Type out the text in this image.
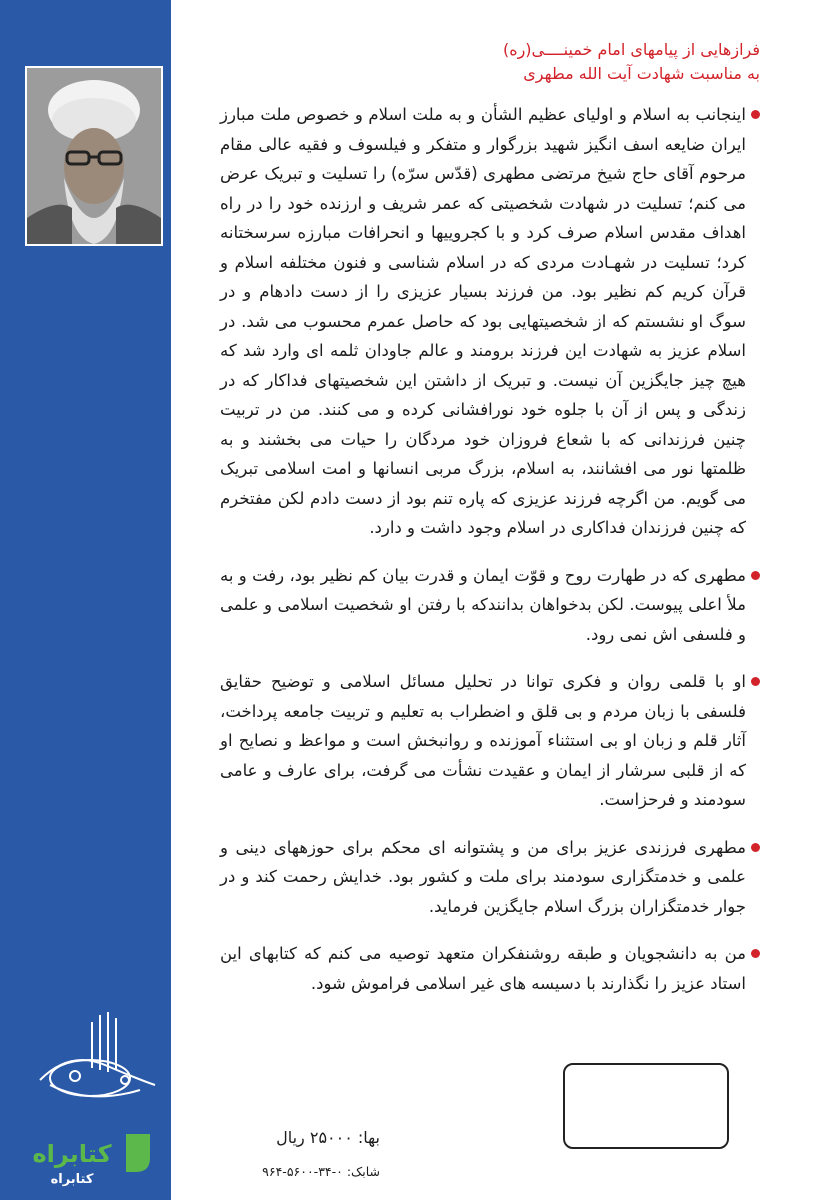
کتابراه
کتابراه
فرازهایی از پیامهای امام خمینــــی(ره)
به مناسبت شهادت آیت الله مطهری

اینجانب به اسلام و اولیای عظیم الشأن و به ملت اسلام و خصوص ملت مبارز ایران ضایعه اسف انگیز شهید بزرگوار و متفکر و فیلسوف و فقیه عالی مقام مرحوم آقای حاج شیخ مرتضی مطهری (قدّس سرّه) را تسلیت و تبریک عرض می کنم؛ تسلیت در شهادت شخصیتی که عمر شریف و ارزنده خود را در راه اهداف مقدس اسلام صرف کرد و با کجروییها و انحرافات مبارزه سرسختانه کرد؛ تسلیت در شهـادت مردی که در اسلام شناسی و فنون مختلفه اسلام و قرآن کریم کم نظیر بود. من فرزند بسیار عزیزی را از دست دادهام و در سوگ او نشستم که از شخصیتهایی بود که حاصل عمرم محسوب می شد. در اسلام عزیز به شهادت این فرزند برومند و عالم جاودان ثلمه ای وارد شد که هیچ چیز جایگزین آن نیست. و تبریک از داشتن این شخصیتهای فداکار که در زندگی و پس از آن با جلوه خود نورافشانی کرده و می کنند. من در تربیت چنین فرزندانی که با شعاع فروزان خود مردگان را حیات می بخشند و به ظلمتها نور می افشانند، به اسلام، بزرگ مربی انسانها و امت اسلامی تبریک می گویم. من اگرچه فرزند عزیزی که پاره تنم بود از دست دادم لکن مفتخرم که چنین فرزندان فداکاری در اسلام وجود داشت و دارد.

مطهری که در طهارت روح و قوّت ایمان و قدرت بیان کم نظیر بود، رفت و به ملأ اعلی پیوست. لکن بدخواهان بدانندکه با رفتن او شخصیت اسلامی و علمی و فلسفی اش نمی رود.

او با قلمی روان و فکری توانا در تحلیل مسائل اسلامی و توضیح حقایق فلسفی با زبان مردم و بی قلق و اضطراب به تعلیم و تربیت جامعه پرداخت، آثار قلم و زبان او بی استثناء آموزنده و روانبخش است و مواعظ و نصایح او که از قلبی سرشار از ایمان و عقیدت نشأت می گرفت، برای عارف و عامی سودمند و فرحزاست.

مطهری فرزندی عزیز برای من و پشتوانه ای محکم برای حوزههای دینی و علمی و خدمتگزاری سودمند برای ملت و کشور بود. خدایش رحمت کند و در جوار خدمتگزاران بزرگ اسلام جایگزین فرماید.

من به دانشجویان و طبقه روشنفکران متعهد توصیه می کنم که کتابهای این استاد عزیز را نگذارند با دسیسه های غیر اسلامی فراموش شود.

بها: ۲۵۰۰۰ ریال
شابک: ۰-۳۴-۵۶۰۰-۹۶۴
